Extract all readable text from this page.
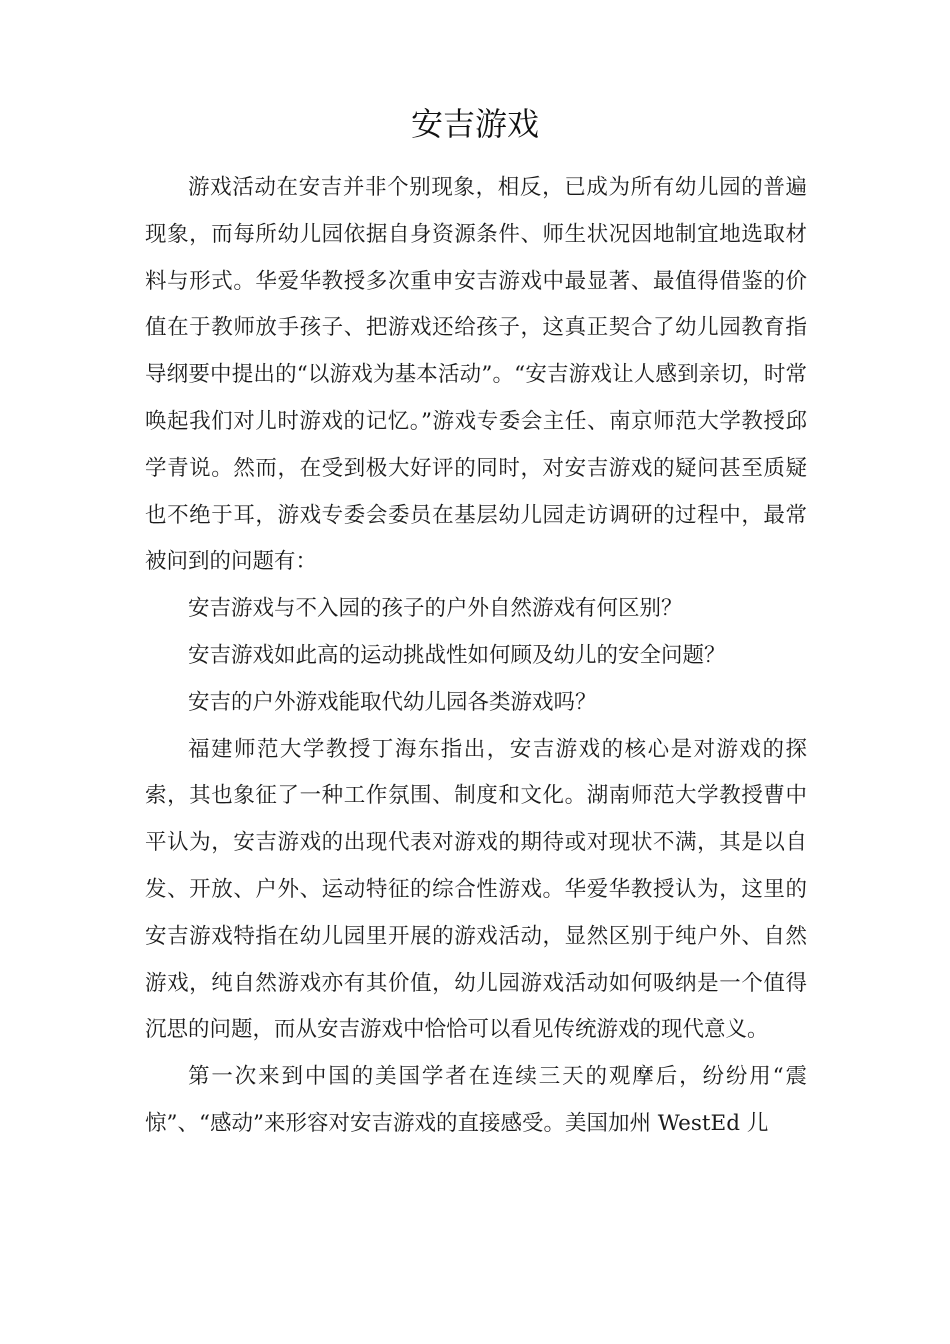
安吉游戏

游戏活动在安吉并非个别现象，相反，已成为所有幼儿园的普遍现象，而每所幼儿园依据自身资源条件、师生状况因地制宜地选取材料与形式。华爱华教授多次重申安吉游戏中最显著、最值得借鉴的价值在于教师放手孩子、把游戏还给孩子，这真正契合了幼儿园教育指导纲要中提出的“以游戏为基本活动”。“安吉游戏让人感到亲切，时常唤起我们对儿时游戏的记忆。”游戏专委会主任、南京师范大学教授邱学青说。然而，在受到极大好评的同时，对安吉游戏的疑问甚至质疑也不绝于耳，游戏专委会委员在基层幼儿园走访调研的过程中，最常被问到的问题有：

安吉游戏与不入园的孩子的户外自然游戏有何区别？

安吉游戏如此高的运动挑战性如何顾及幼儿的安全问题？

安吉的户外游戏能取代幼儿园各类游戏吗？

福建师范大学教授丁海东指出，安吉游戏的核心是对游戏的探索，其也象征了一种工作氛围、制度和文化。湖南师范大学教授曹中平认为，安吉游戏的出现代表对游戏的期待或对现状不满，其是以自发、开放、户外、运动特征的综合性游戏。华爱华教授认为，这里的安吉游戏特指在幼儿园里开展的游戏活动，显然区别于纯户外、自然游戏，纯自然游戏亦有其价值，幼儿园游戏活动如何吸纳是一个值得沉思的问题，而从安吉游戏中恰恰可以看见传统游戏的现代意义。

第一次来到中国的美国学者在连续三天的观摩后，纷纷用“震惊”、“感动”来形容对安吉游戏的直接感受。美国加州 WestEd 儿
